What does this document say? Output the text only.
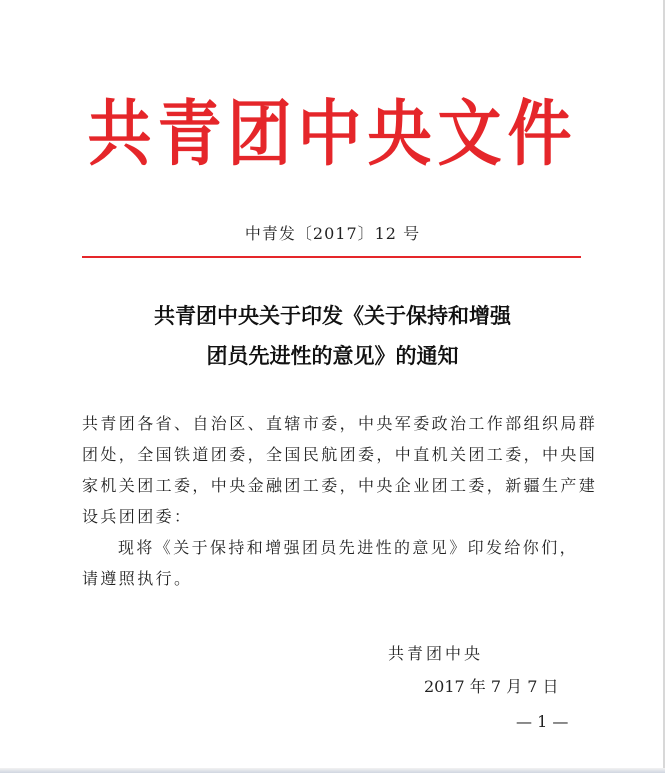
共青团中央文件
中青发〔2017〕12 号
共青团中央关于印发《关于保持和增强
团员先进性的意见》的通知
共青团各省、自治区、直辖市委，中央军委政治工作部组织局群
团处，全国铁道团委，全国民航团委，中直机关团工委，中央国
家机关团工委，中央金融团工委，中央企业团工委，新疆生产建
设兵团团委：
现将《关于保持和增强团员先进性的意见》印发给你们，
请遵照执行。
共青团中央
2017 年 7 月 7 日
— 1 —
